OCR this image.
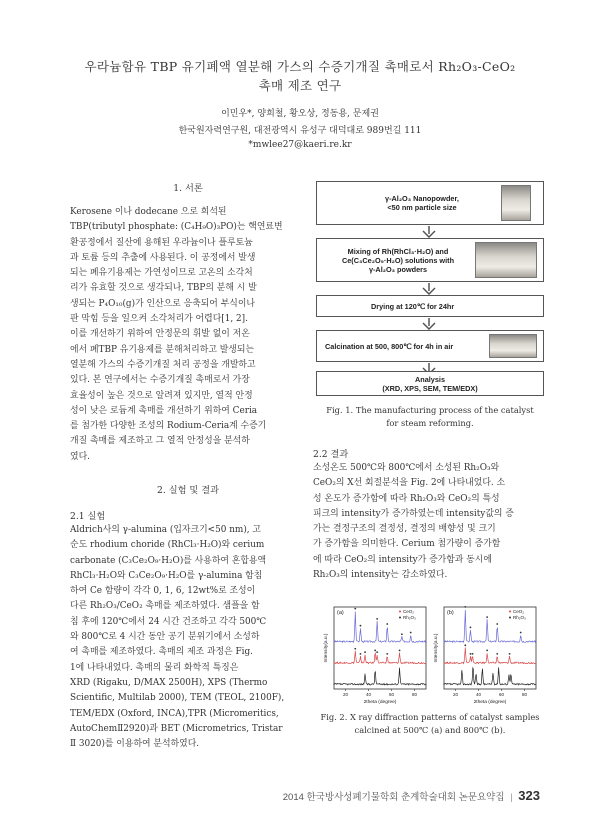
우라늄함유 TBP 유기폐액 열분해 가스의 수증기개질 촉매로서 Rh₂O₃-CeO₂
촉매 제조 연구
이민우*, 양희철, 황오상, 정동용, 문제권
한국원자력연구원, 대전광역시 유성구 대덕대로 989번길 111
*mwlee27@kaeri.re.kr
1. 서론
Kerosene 이나 dodecane 으로 희석된
TBP(tributyl phosphate: (C₄H₉O)₃PO)는 핵연료변
환공정에서 질산에 용해된 우라늄이나 플루토늄
과 토륨 등의 추출에 사용된다. 이 공정에서 발생
되는 폐유기용제는 가연성이므로 고온의 소각처
리가 유효할 것으로 생각되나, TBP의 분해 시 발
생되는 P₄O₁₀(g)가 인산으로 응축되어 부식이나
판 막힘 등을 일으켜 소각처리가 어렵다[1, 2].
이를 개선하기 위하여 안정문의 휘발 없이 저온
에서 폐TBP 유기용제를 분해처리하고 발생되는
열분해 가스의 수증기개질 처리 공정을 개발하고
있다. 본 연구에서는 수증기개질 촉매로서 가장
효율성이 높은 것으로 알려져 있지만, 열적 안정
성이 낮은 로듐계 촉매를 개선하기 위하여 Ceria
를 첨가한 다양한 조성의 Rodium-Ceria계 수증기
개질 촉매를 제조하고 그 열적 안정성을 분석하
였다.
2. 실험 및 결과
2.1 실험
Aldrich사의 γ-alumina (입자크기<50 nm), 고
순도 rhodium choride (RhCl₃·H₂O)와 cerium
carbonate (C₃Ce₂O₉·H₂O)를 사용하여 혼합용액
RhCl₃·H₂O와 C₃Ce₂O₉·H₂O를 γ-alumina 함침
하여 Ce 함량이 각각 0, 1, 6, 12wt%로 조성이
다른 Rh₂O₃/CeO₂ 촉매를 제조하였다. 샘플을 함
침 후에 120℃에서 24 시간 건조하고 각각 500℃
와 800℃로 4 시간 동안 공기 분위기에서 소성하
여 촉매를 제조하였다. 촉매의 제조 과정은 Fig.
1에 나타내었다. 촉매의 물리 화학적 특징은
XRD (Rigaku, D/MAX 2500H), XPS (Thermo
Scientific, Multilab 2000), TEM (TEOL, 2100F),
TEM/EDX (Oxford, INCA),TPR (Micromeritics,
AutoChemⅡ2920)과 BET (Micrometrics, Tristar
Ⅱ 3020)를 이용하여 분석하였다.
γ-Al₂O₃ Nanopowder,
<50 nm particle size
Mixing of Rh(RhCl₃·H₂O) and
Ce(C₃Ce₂O₉·H₂O) solutions with
γ-Al₂O₃ powders
Drying at 120℃ for 24hr
Calcination at 500, 800℃ for 4h in air
Analysis
(XRD, XPS, SEM, TEM/EDX)
Fig. 1. The manufacturing process of the catalyst
for steam reforming.
2.2 결과
소성온도 500℃와 800℃에서 소성된 Rh₂O₃와
CeO₂의 X선 회절분석을 Fig. 2에 나타내었다. 소
성 온도가 증가함에 따라 Rh₂O₃와 CeO₂의 특성
피크의 intensity가 증가하였는데 intensity값의 증
가는 결정구조의 결정성, 결정의 배향성 및 크기
가 증가함을 의미한다. Cerium 첨가량이 증가함
에 따라 CeO₂의 intensity가 증가함과 동시에
Rh₂O₃의 intensity는 감소하였다.
(a)	CeO₂
Rh₂O₃
20	40	60	80
2theta (degree)
Intensity(a.u.)
(b)	CeO₂
Rh₂O₃
20	40	60	80
2theta (degree)
Intensity(a.u.)
Fig. 2. X ray diffraction patterns of catalyst samples
calcined at 500℃ (a) and 800℃ (b).
2014 한국방사성폐기물학회 춘계학술대회 논문요약집 | 323
